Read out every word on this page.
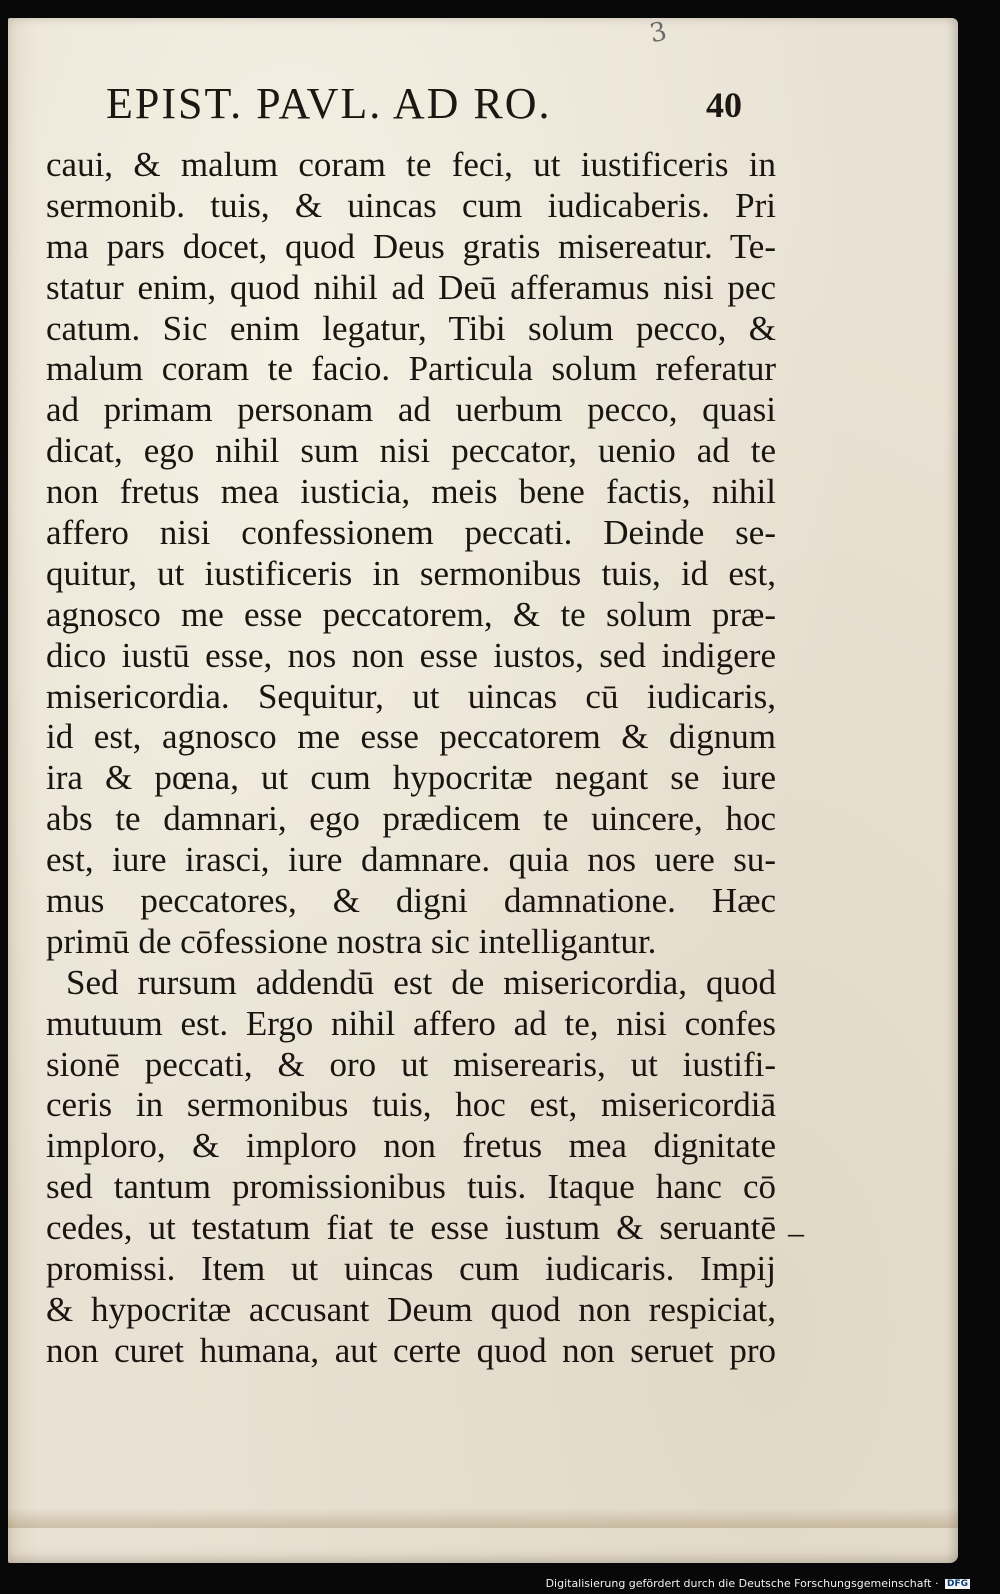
3
EPIST. PAVL. AD RO.	40
caui, & malum coram te feci, ut iustificeris in
sermonib. tuis, & uincas cum iudicaberis. Pri
ma pars docet, quod Deus gratis misereatur. Te-
statur enim, quod nihil ad Deū afferamus nisi pec
catum. Sic enim legatur, Tibi solum pecco, &
malum coram te facio. Particula solum referatur
ad primam personam ad uerbum pecco, quasi
dicat, ego nihil sum nisi peccator, uenio ad te
non fretus mea iusticia, meis bene factis, nihil
affero nisi confessionem peccati. Deinde se-
quitur, ut iustificeris in sermonibus tuis, id est,
agnosco me esse peccatorem, & te solum præ-
dico iustū esse, nos non esse iustos, sed indigere
misericordia. Sequitur, ut uincas cū iudicaris,
id est, agnosco me esse peccatorem & dignum
ira & pœna, ut cum hypocritæ negant se iure
abs te damnari, ego prædicem te uincere, hoc
est, iure irasci, iure damnare. quia nos uere su-
mus peccatores, & digni damnatione. Hæc
primū de cōfessione nostra sic intelligantur.
Sed rursum addendū est de misericordia, quod
mutuum est. Ergo nihil affero ad te, nisi confes
sionē peccati, & oro ut miserearis, ut iustifi-
ceris in sermonibus tuis, hoc est, misericordiā
imploro, & imploro non fretus mea dignitate
sed tantum promissionibus tuis. Itaque hanc cō
cedes, ut testatum fiat te esse iustum & seruantē
promissi. Item ut uincas cum iudicaris. Impij
& hypocritæ accusant Deum quod non respiciat,
non curet humana, aut certe quod non seruet pro
–
Digitalisierung gefördert durch die Deutsche Forschungsgemeinschaft · DFG
